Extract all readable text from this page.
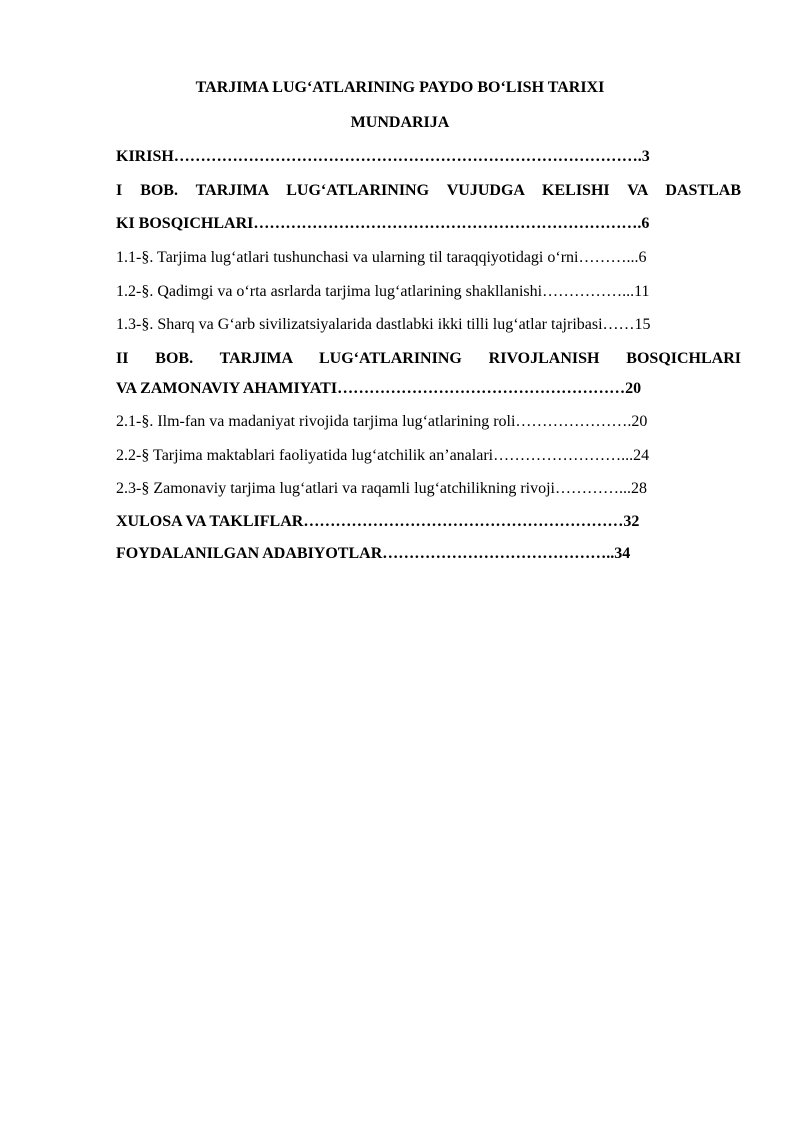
TARJIMA LUG‘ATLARINING PAYDO BO‘LISH TARIXI
MUNDARIJA
KIRISH…………………………………………………………………………….3
I BOB. TARJIMA LUG‘ATLARINING VUJUDGA KELISHI VA DASTLAB
KI BOSQICHLARI……………………………………………………………….6
1.1-§. Tarjima lug‘atlari tushunchasi va ularning til taraqqiyotidagi o‘rni………...6
1.2-§. Qadimgi va o‘rta asrlarda tarjima lug‘atlarining shakllanishi……………...11
1.3-§. Sharq va G‘arb sivilizatsiyalarida dastlabki ikki tilli lug‘atlar tajribasi……15
II BOB. TARJIMA LUG‘ATLARINING RIVOJLANISH BOSQICHLARI
VA ZAMONAVIY AHAMIYATI………………………………………………20
2.1-§. Ilm-fan va madaniyat rivojida tarjima lug‘atlarining roli………………….20
2.2-§ Tarjima maktablari faoliyatida lug‘atchilik an’analari……………………...24
2.3-§ Zamonaviy tarjima lug‘atlari va raqamli lug‘atchilikning rivoji…………...28
XULOSA VA TAKLIFLAR……………………………………………………32
FOYDALANILGAN ADABIYOTLAR……………………………………..34
